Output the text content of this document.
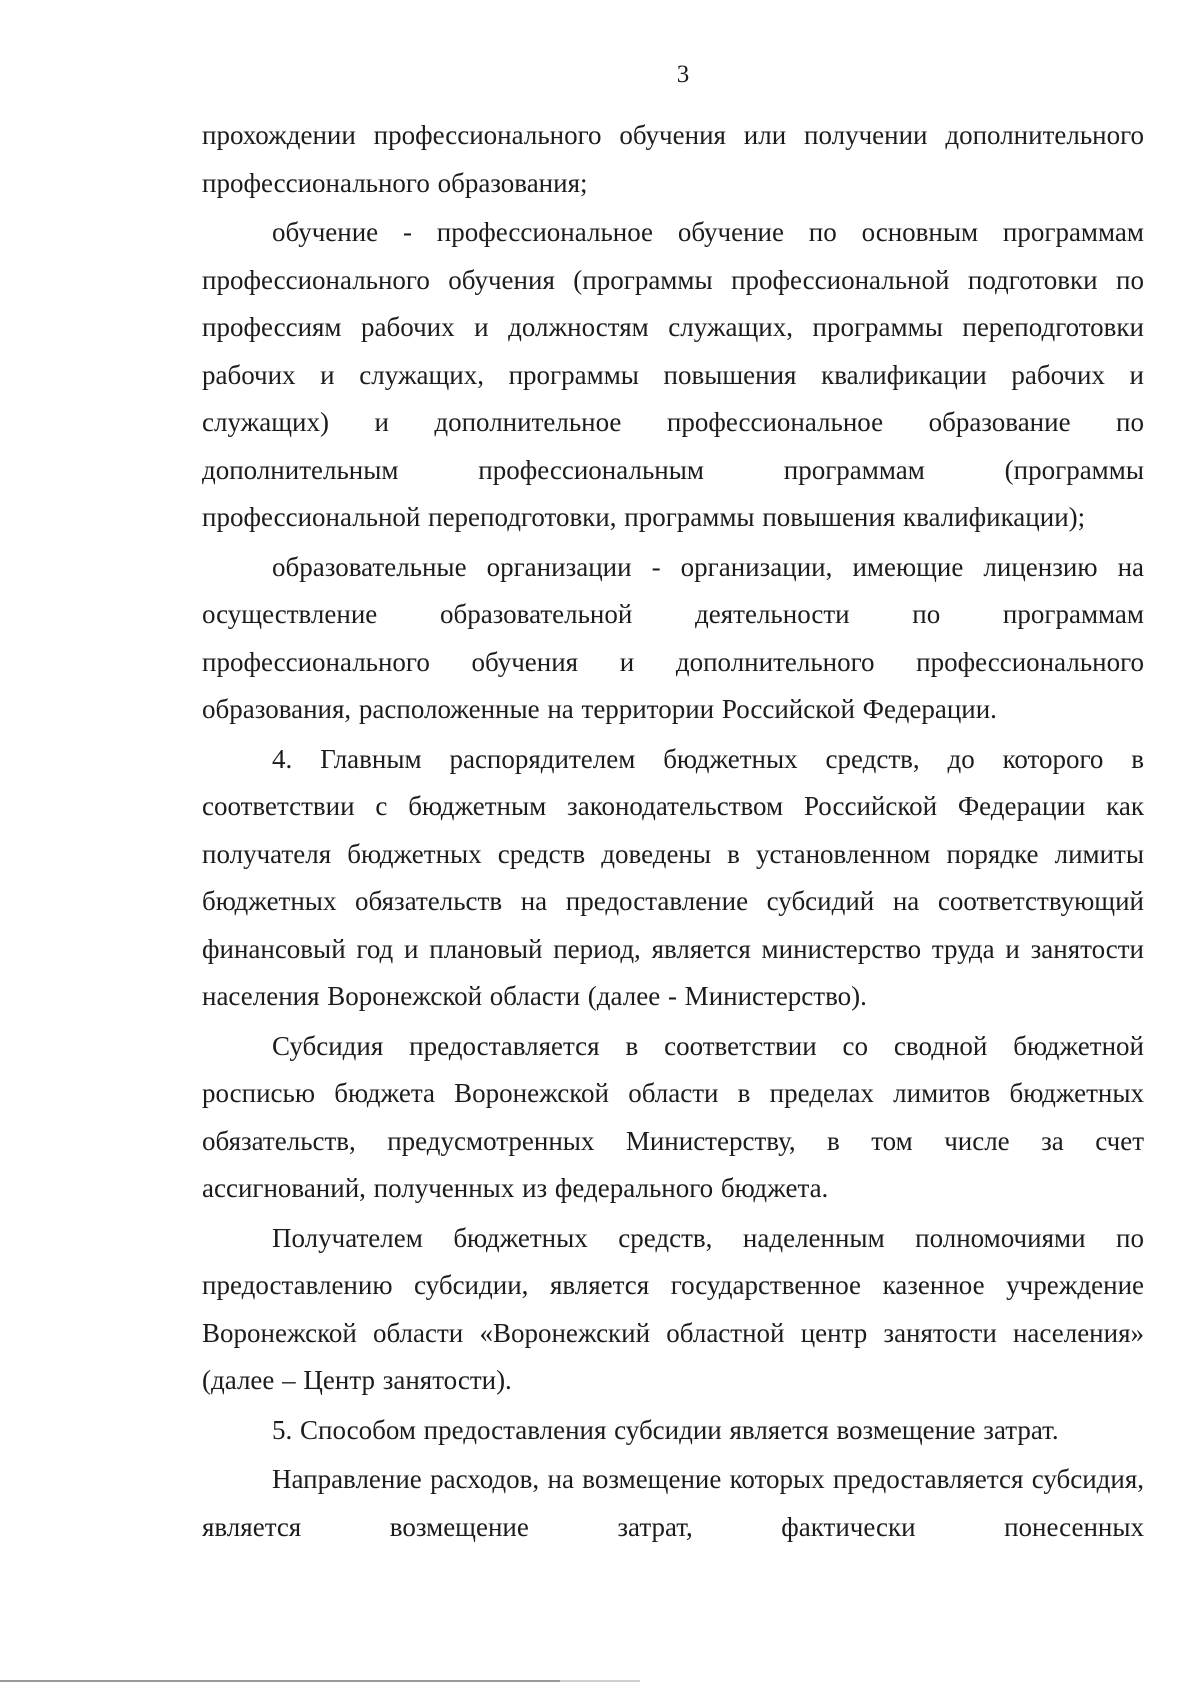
3

прохождении профессионального обучения или получении дополнительного профессионального образования;

обучение - профессиональное обучение по основным программам профессионального обучения (программы профессиональной подготовки по профессиям рабочих и должностям служащих, программы переподготовки рабочих и служащих, программы повышения квалификации рабочих и служащих) и дополнительное профессиональное образование по дополнительным профессиональным программам (программы профессиональной переподготовки, программы повышения квалификации);

образовательные организации - организации, имеющие лицензию на осуществление образовательной деятельности по программам профессионального обучения и дополнительного профессионального образования, расположенные на территории Российской Федерации.

4. Главным распорядителем бюджетных средств, до которого в соответствии с бюджетным законодательством Российской Федерации как получателя бюджетных средств доведены в установленном порядке лимиты бюджетных обязательств на предоставление субсидий на соответствующий финансовый год и плановый период, является министерство труда и занятости населения Воронежской области (далее - Министерство).

Субсидия предоставляется в соответствии со сводной бюджетной росписью бюджета Воронежской области в пределах лимитов бюджетных обязательств, предусмотренных Министерству, в том числе за счет ассигнований, полученных из федерального бюджета.

Получателем бюджетных средств, наделенным полномочиями по предоставлению субсидии, является государственное казенное учреждение Воронежской области «Воронежский областной центр занятости населения» (далее – Центр занятости).

5. Способом предоставления субсидии является возмещение затрат.

Направление расходов, на возмещение которых предоставляется субсидия, является возмещение затрат, фактически понесенных
